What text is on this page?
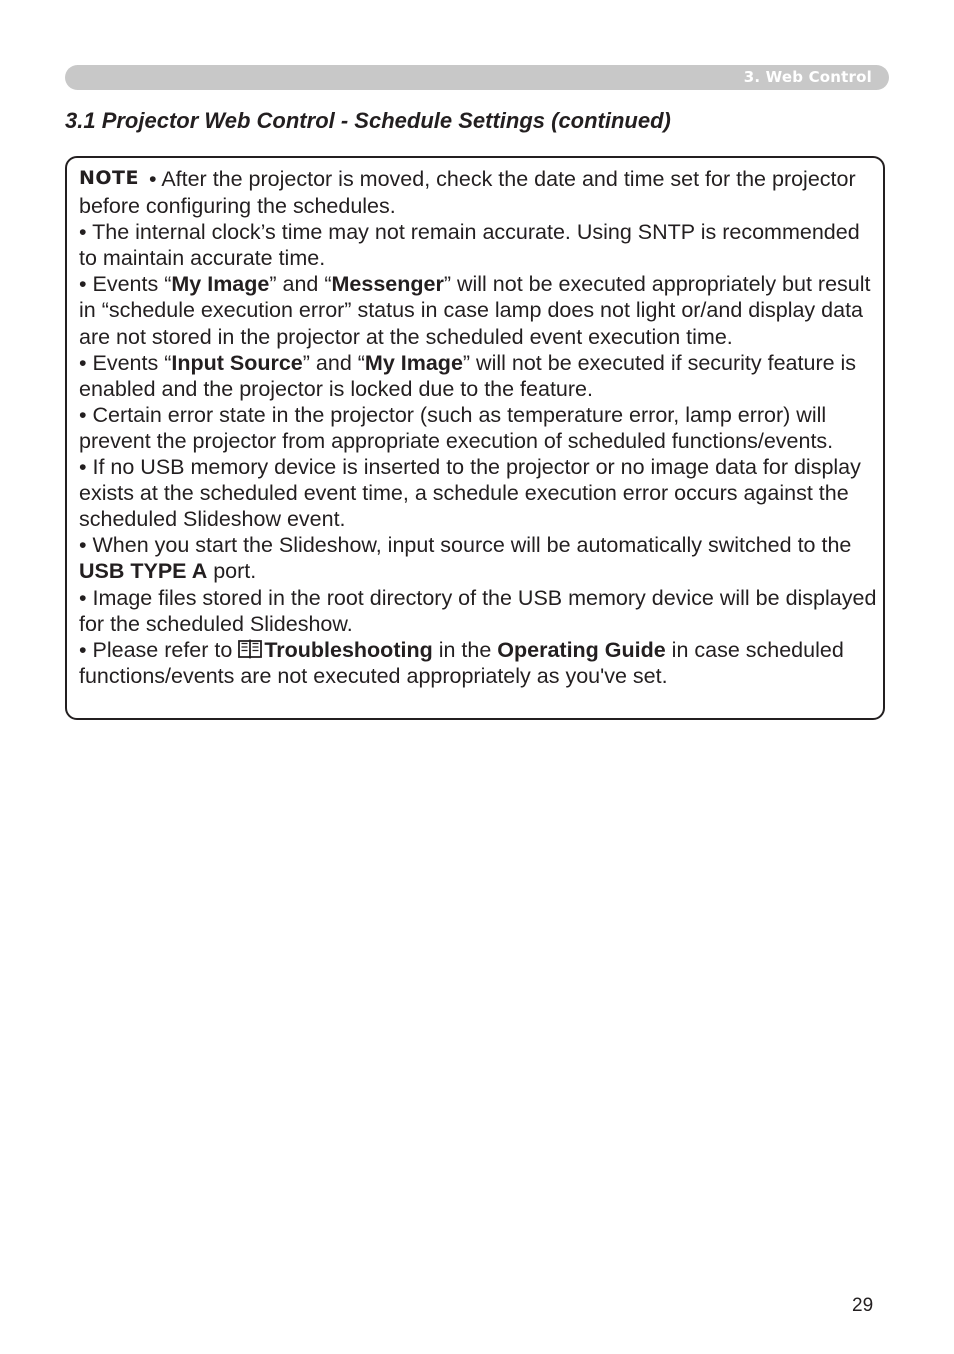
3. Web Control
3.1 Projector Web Control - Schedule Settings (continued)
NOTE • After the projector is moved, check the date and time set for the projector before configuring the schedules.
• The internal clock’s time may not remain accurate. Using SNTP is recommended to maintain accurate time.
• Events “My Image” and “Messenger” will not be executed appropriately but result in “schedule execution error” status in case lamp does not light or/and display data are not stored in the projector at the scheduled event execution time.
• Events “Input Source” and “My Image” will not be executed if security feature is enabled and the projector is locked due to the feature.
• Certain error state in the projector (such as temperature error, lamp error) will prevent the projector from appropriate execution of scheduled functions/events.
• If no USB memory device is inserted to the projector or no image data for display exists at the scheduled event time, a schedule execution error occurs against the scheduled Slideshow event.
• When you start the Slideshow, input source will be automatically switched to the USB TYPE A port.
• Image files stored in the root directory of the USB memory device will be displayed for the scheduled Slideshow.
• Please refer to Troubleshooting in the Operating Guide in case scheduled functions/events are not executed appropriately as you've set.
29
